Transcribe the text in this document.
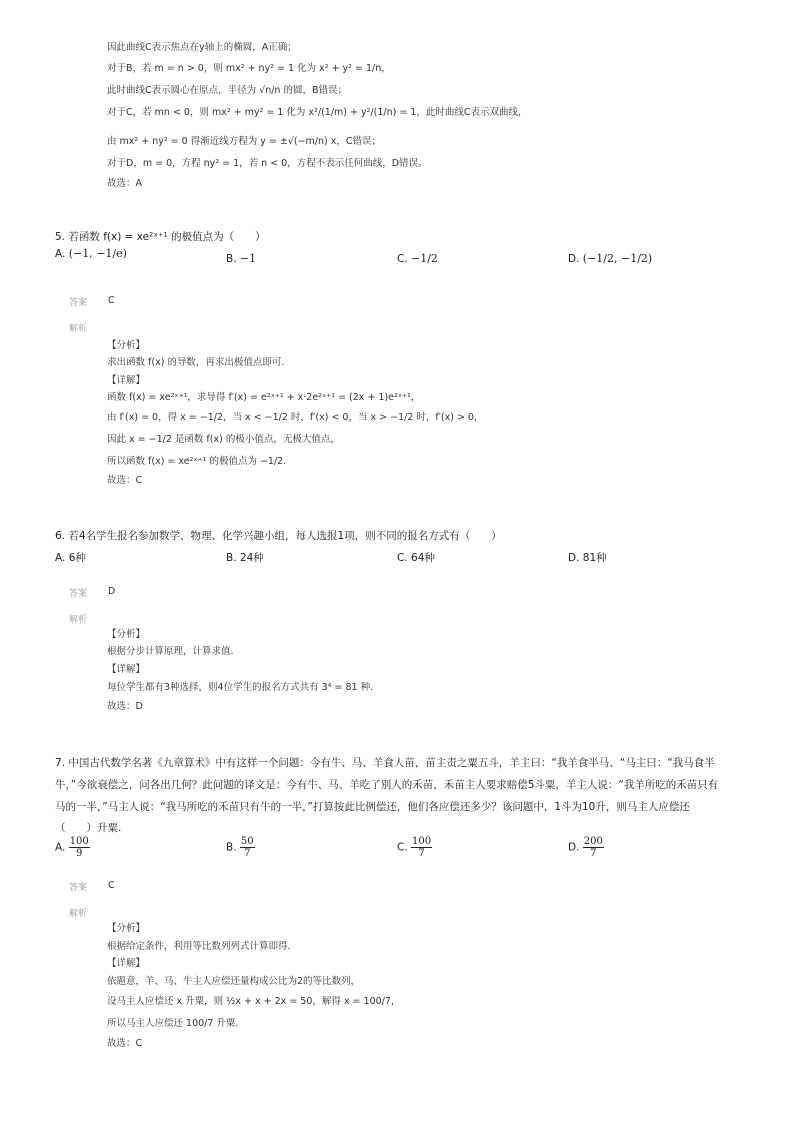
因此曲线C表示焦点在y轴上的椭圆，A正确；
对于B，若 m = n > 0，则 mx² + ny² = 1 化为 x² + y² = 1/n，
此时曲线C表示圆心在原点，半径为 √n/n 的圆，B错误；
对于C，若 mn < 0，则 mx² + my² = 1 化为 x²/(1/m) + y²/(1/n) = 1，此时曲线C表示双曲线，
由 mx² + ny² = 0 得渐近线方程为 y = ±√(−m/n) x，C错误；
对于D，m = 0，方程 ny² = 1，若 n < 0，方程不表示任何曲线，D错误。
故选：A
5. 若函数 f(x) = xe²ˣ⁺¹ 的极值点为（　　）
A. (−1, −1/e)	B. −1	C. −1/2	D. (−1/2, −1/2)
答案 C
解析
【分析】
求出函数 f(x) 的导数，再求出极值点即可.
【详解】
函数 f(x) = xe²ˣ⁺¹，求导得 f′(x) = e²ˣ⁺¹ + x·2e²ˣ⁺¹ = (2x + 1)e²ˣ⁺¹，
由 f′(x) = 0，得 x = −1/2，当 x < −1/2 时，f′(x) < 0，当 x > −1/2 时，f′(x) > 0，
因此 x = −1/2 是函数 f(x) 的极小值点，无极大值点，
所以函数 f(x) = xe²ˣ⁺¹ 的极值点为 −1/2.
故选：C
6. 若4名学生报名参加数学、物理、化学兴趣小组，每人选报1项，则不同的报名方式有（　　）
A. 6种	B. 24种	C. 64种	D. 81种
答案 D
解析
【分析】
根据分步计算原理，计算求值.
【详解】
每位学生都有3种选择，则4位学生的报名方式共有 3⁴ = 81 种.
故选：D
7. 中国古代数学名著《九章算术》中有这样一个问题：今有牛、马、羊食人苗，苗主责之粟五斗，羊主曰：“我羊食半马、“马主曰：“我马食半
牛，”今欲衰偿之，问各出几何？此问题的译文是：今有牛、马、羊吃了别人的禾苗，禾苗主人要求赔偿5斗粟，羊主人说：“我羊所吃的禾苗只有
马的一半，”马主人说：“我马所吃的禾苗只有牛的一半，”打算按此比例偿还，他们各应偿还多少？该问题中，1斗为10升，则马主人应偿还
（　　）升粟.
A. $\frac{100}{9}$	B. $\frac{50}{7}$	C. $\frac{100}{7}$	D. $\frac{200}{7}$
答案 C
解析
【分析】
根据给定条件，利用等比数列列式计算即得.
【详解】
依题意，羊、马、牛主人应偿还量构成公比为2的等比数列，
设马主人应偿还 x 升粟，则 ½x + x + 2x = 50，解得 x = 100/7，
所以马主人应偿还 100/7 升粟.
故选：C
